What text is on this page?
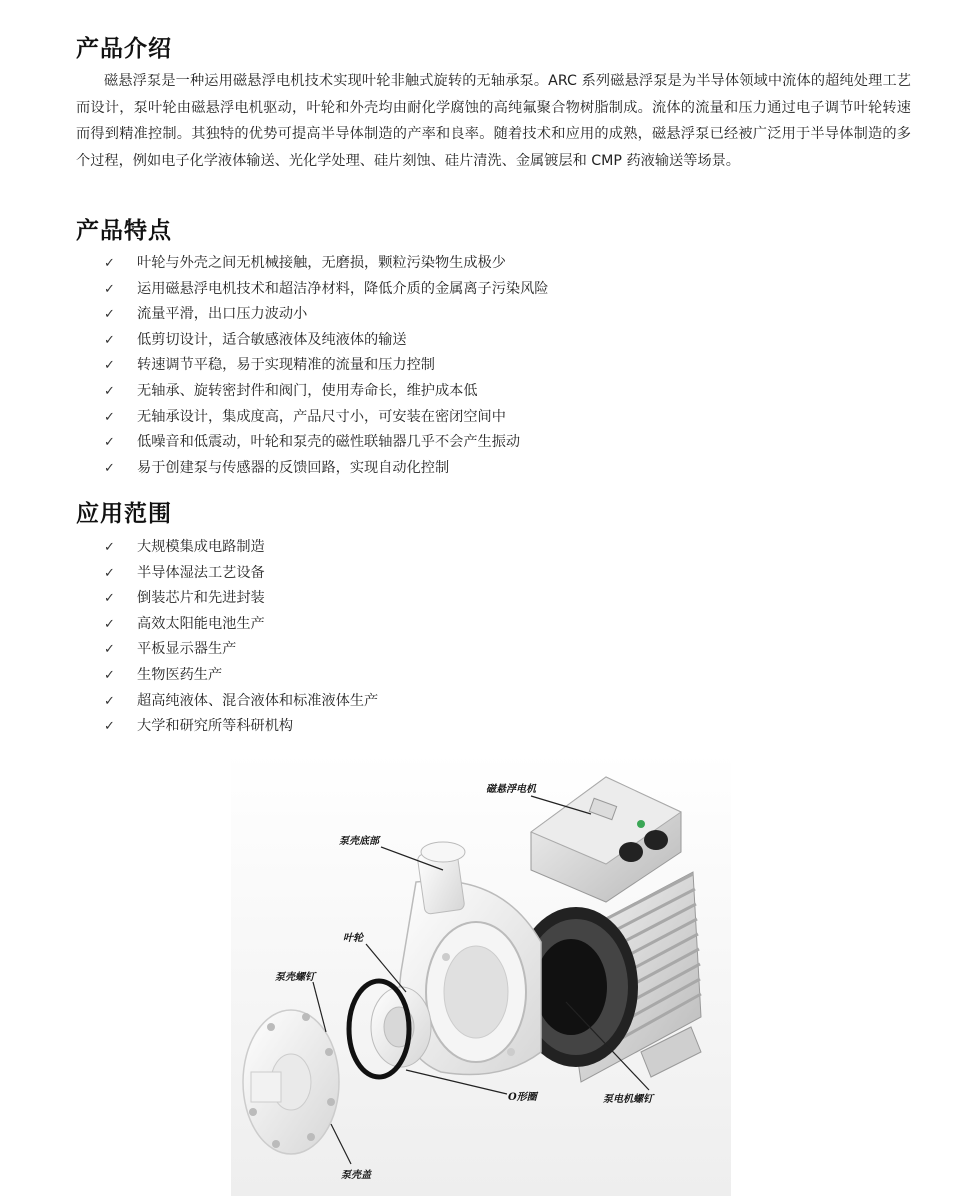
产品介绍

磁悬浮泵是一种运用磁悬浮电机技术实现叶轮非触式旋转的无轴承泵。ARC 系列磁悬浮泵是为半导体领域中流体的超纯处理工艺而设计，泵叶轮由磁悬浮电机驱动，叶轮和外壳均由耐化学腐蚀的高纯氟聚合物树脂制成。流体的流量和压力通过电子调节叶轮转速而得到精准控制。其独特的优势可提高半导体制造的产率和良率。随着技术和应用的成熟，磁悬浮泵已经被广泛用于半导体制造的多个过程，例如电子化学液体输送、光化学处理、硅片刻蚀、硅片清洗、金属镀层和 CMP 药液输送等场景。

产品特点
✓ 叶轮与外壳之间无机械接触，无磨损，颗粒污染物生成极少
✓ 运用磁悬浮电机技术和超洁净材料，降低介质的金属离子污染风险
✓ 流量平滑，出口压力波动小
✓ 低剪切设计，适合敏感液体及纯液体的输送
✓ 转速调节平稳，易于实现精准的流量和压力控制
✓ 无轴承、旋转密封件和阀门，使用寿命长，维护成本低
✓ 无轴承设计，集成度高，产品尺寸小，可安装在密闭空间中
✓ 低噪音和低震动，叶轮和泵壳的磁性联轴器几乎不会产生振动
✓ 易于创建泵与传感器的反馈回路，实现自动化控制
应用范围
✓ 大规模集成电路制造
✓ 半导体湿法工艺设备
✓ 倒装芯片和先进封装
✓ 高效太阳能电池生产
✓ 平板显示器生产
✓ 生物医药生产
✓ 超高纯液体、混合液体和标准液体生产
✓ 大学和研究所等科研机构
磁悬浮电机
泵壳底部
叶轮
泵壳螺钉
泵电机螺钉
O形圈
泵壳盖
